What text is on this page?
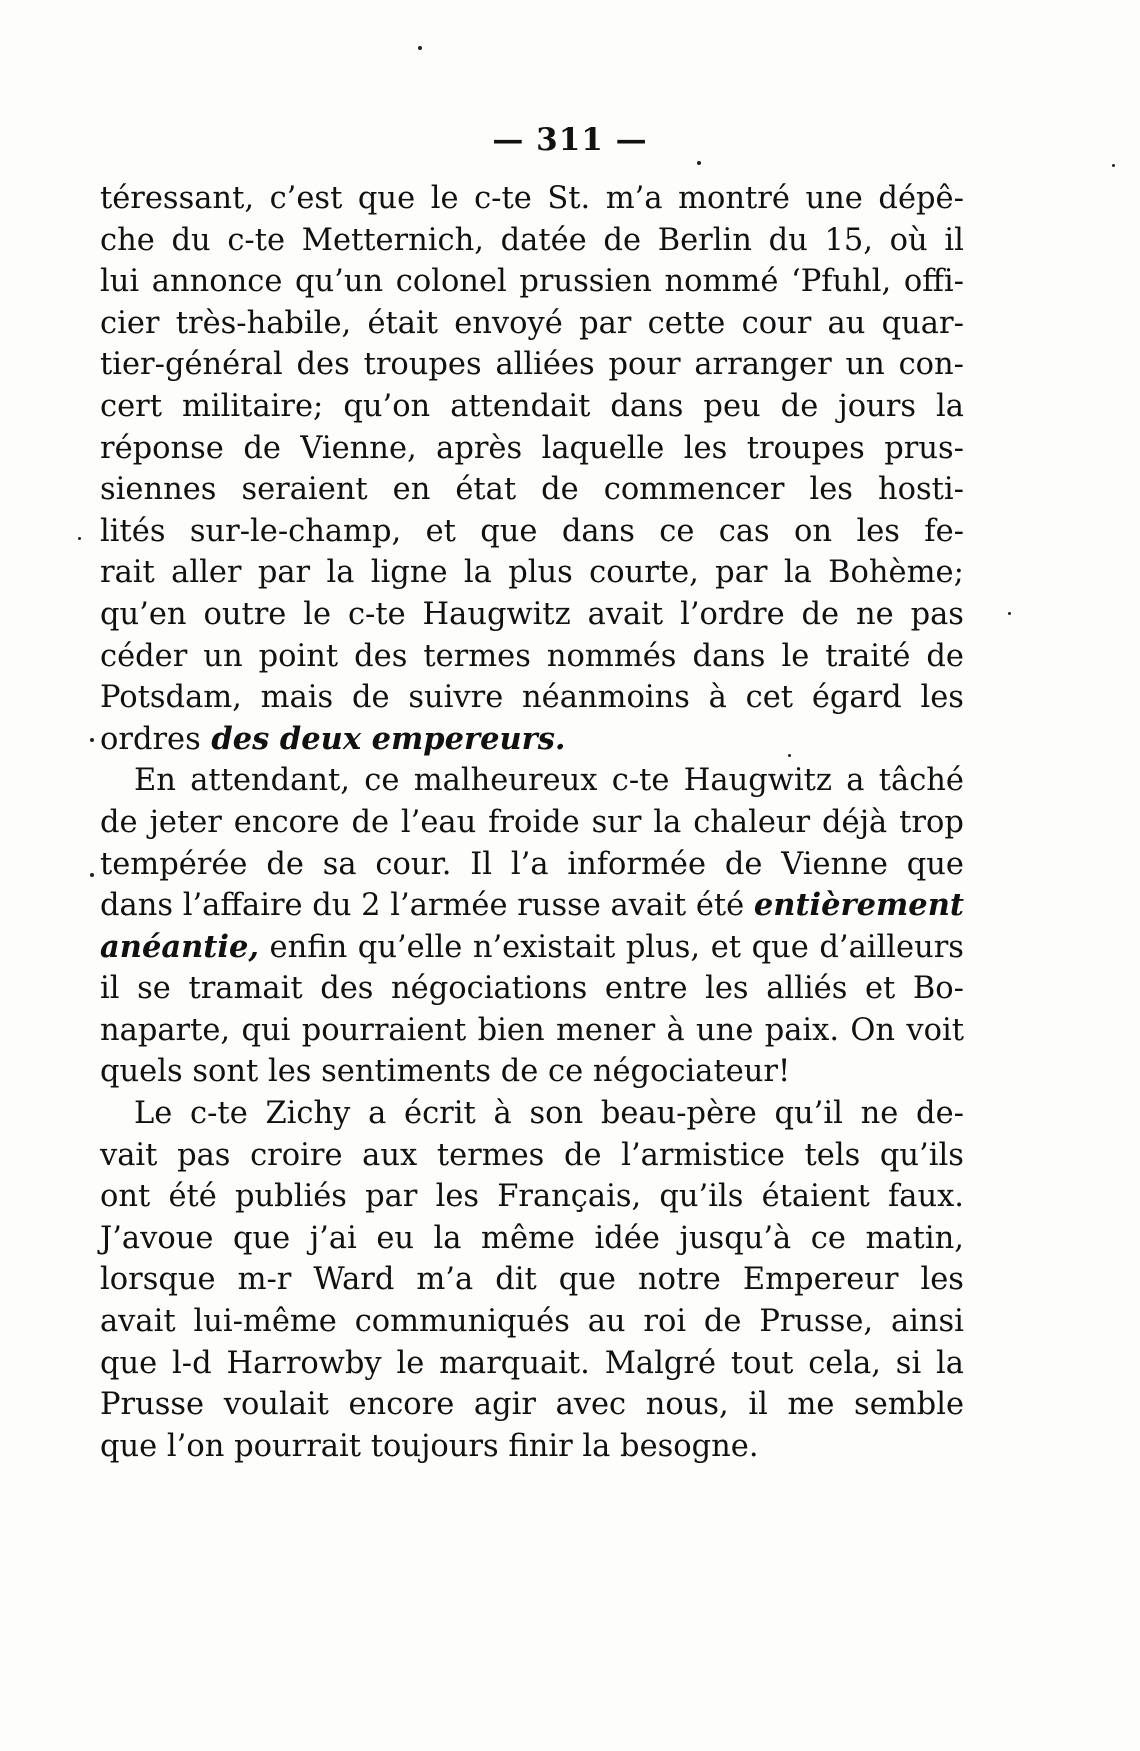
— 311 —
téressant, c’est que le c-te St. m’a montré une dépê-
che du c-te Metternich, datée de Berlin du 15, où il
lui annonce qu’un colonel prussien nommé ‘Pfuhl, offi-
cier très-habile, était envoyé par cette cour au quar-
tier-général des troupes alliées pour arranger un con-
cert militaire; qu’on attendait dans peu de jours la
réponse de Vienne, après laquelle les troupes prus-
siennes seraient en état de commencer les hosti-
lités sur-le-champ, et que dans ce cas on les fe-
rait aller par la ligne la plus courte, par la Bohème;
qu’en outre le c-te Haugwitz avait l’ordre de ne pas
céder un point des termes nommés dans le traité de
Potsdam, mais de suivre néanmoins à cet égard les
ordres des deux empereurs.
En attendant, ce malheureux c-te Haugwitz a tâché
de jeter encore de l’eau froide sur la chaleur déjà trop
tempérée de sa cour. Il l’a informée de Vienne que
dans l’affaire du 2 l’armée russe avait été entièrement
anéantie, enfin qu’elle n’existait plus, et que d’ailleurs
il se tramait des négociations entre les alliés et Bo-
naparte, qui pourraient bien mener à une paix. On voit
quels sont les sentiments de ce négociateur!
Le c-te Zichy a écrit à son beau-père qu’il ne de-
vait pas croire aux termes de l’armistice tels qu’ils
ont été publiés par les Français, qu’ils étaient faux.
J’avoue que j’ai eu la même idée jusqu’à ce matin,
lorsque m-r Ward m’a dit que notre Empereur les
avait lui-même communiqués au roi de Prusse, ainsi
que l-d Harrowby le marquait. Malgré tout cela, si la
Prusse voulait encore agir avec nous, il me semble
que l’on pourrait toujours finir la besogne.
